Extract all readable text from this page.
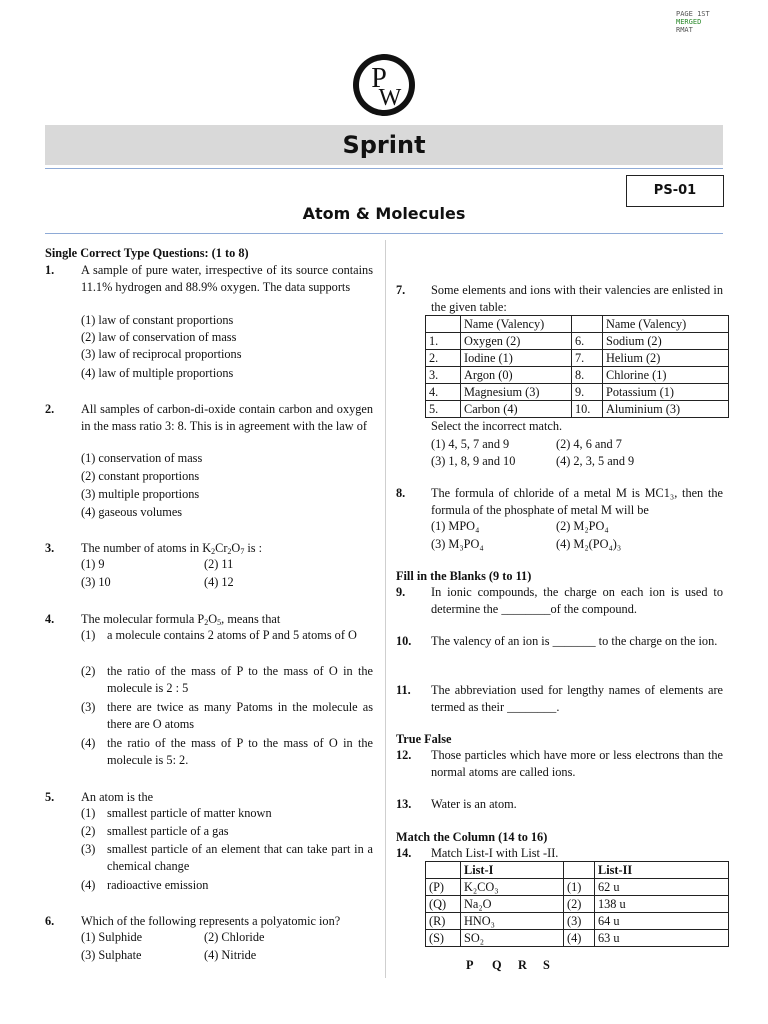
PAGE 1ST
MERGED
RMAT
P
W
Sprint
PS-01
Atom & Molecules
Single Correct Type Questions: (1 to 8)
1. A sample of pure water, irrespective of its source contains 11.1% hydrogen and 88.9% oxygen. The data supports
(1) law of constant proportions
(2) law of conservation of mass
(3) law of reciprocal proportions
(4) law of multiple proportions
2. All samples of carbon-di-oxide contain carbon and oxygen in the mass ratio 3: 8. This is in agreement with the law of
(1) conservation of mass
(2) constant proportions
(3) multiple proportions
(4) gaseous volumes
3. The number of atoms in $K_2Cr_2O_7$ is :
(1) 9	(2) 11
(3) 10	(4) 12
4. The molecular formula $P_2O_5$, means that
(1) a molecule contains 2 atoms of P and 5 atoms of O
(2) the ratio of the mass of P to the mass of O in the molecule is 2 : 5
(3) there are twice as many Patoms in the molecule as there are O atoms
(4) the ratio of the mass of P to the mass of O in the molecule is 5: 2.
5. An atom is the
(1) smallest particle of matter known
(2) smallest particle of a gas
(3) smallest particle of an element that can take part in a chemical change
(4) radioactive emission
6. Which of the following represents a polyatomic ion?
(1) Sulphide	(2) Chloride
(3) Sulphate	(4) Nitride
7. Some elements and ions with their valencies are enlisted in the given table:
	Name (Valency)		Name (Valency)
1.	Oxygen (2)	6.	Sodium (2)
2.	Iodine (1)	7.	Helium (2)
3.	Argon (0)	8.	Chlorine (1)
4.	Magnesium (3)	9.	Potassium (1)
5.	Carbon (4)	10.	Aluminium (3)
Select the incorrect match.
(1) 4, 5, 7 and 9	(2) 4, 6 and 7
(3) 1, 8, 9 and 10	(4) 2, 3, 5 and 9
8. The formula of chloride of a metal M is MC1₃, then the formula of the phosphate of metal M will be
(1) MPO₄	(2) M₂PO₄
(3) M₃PO₄	(4) M₂(PO₄)₃
Fill in the Blanks (9 to 11)
9. In ionic compounds, the charge on each ion is used to determine the ________of the compound.
10. The valency of an ion is _______ to the charge on the ion.
11. The abbreviation used for lengthy names of elements are termed as their ________.
True False
12. Those particles which have more or less electrons than the normal atoms are called ions.
13. Water is an atom.
Match the Column (14 to 16)
14. Match List-I with List -II.
	List-I		List-II
(P)	K₂CO₃	(1)	62 u
(Q)	Na₂O	(2)	138 u
(R)	HNO₃	(3)	64 u
(S)	SO₂	(4)	63 u
P Q R S
